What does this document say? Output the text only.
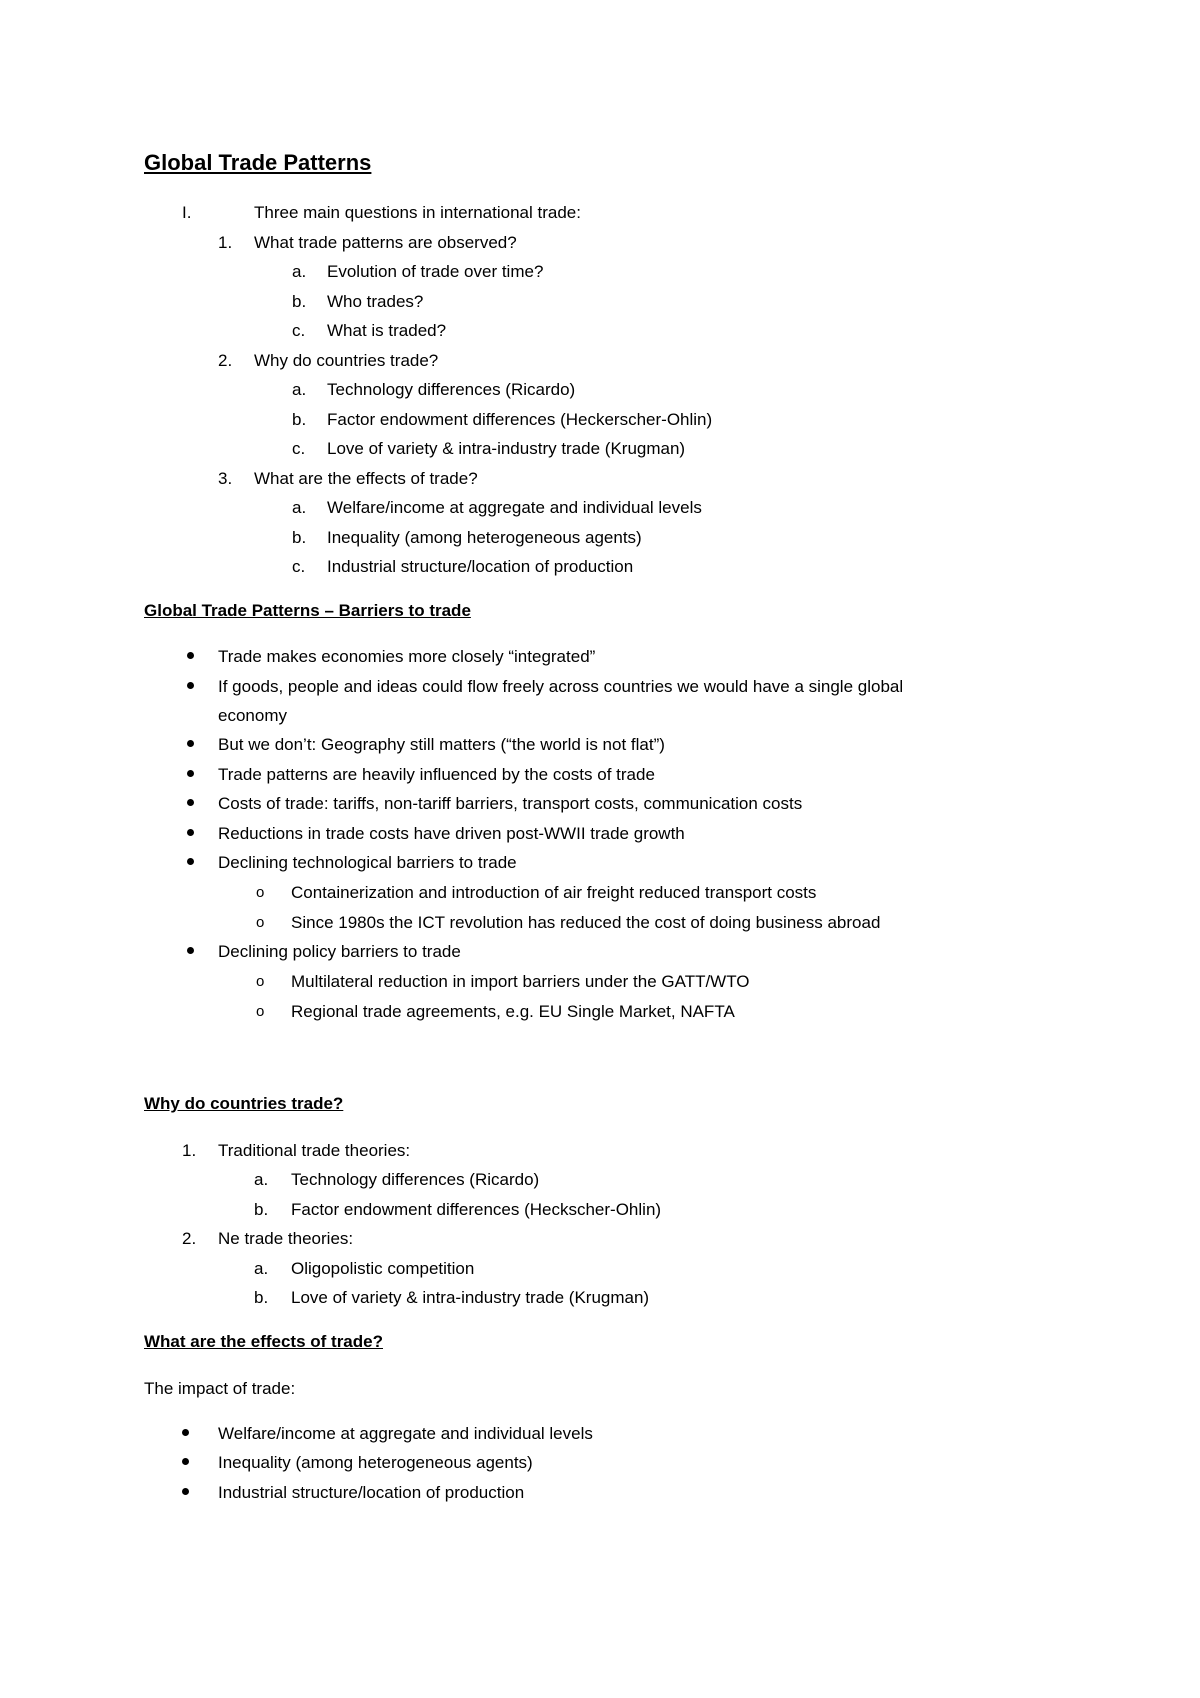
Global Trade Patterns
I.	Three main questions in international trade:
1. What trade patterns are observed?
a. Evolution of trade over time?
b. Who trades?
c. What is traded?
2. Why do countries trade?
a. Technology differences (Ricardo)
b. Factor endowment differences (Heckerscher-Ohlin)
c. Love of variety & intra-industry trade (Krugman)
3. What are the effects of trade?
a. Welfare/income at aggregate and individual levels
b. Inequality (among heterogeneous agents)
c. Industrial structure/location of production
Global Trade Patterns – Barriers to trade
Trade makes economies more closely “integrated”
If goods, people and ideas could flow freely across countries we would have a single global
economy
But we don’t: Geography still matters (“the world is not flat”)
Trade patterns are heavily influenced by the costs of trade
Costs of trade: tariffs, non-tariff barriers, transport costs, communication costs
Reductions in trade costs have driven post-WWII trade growth
Declining technological barriers to trade
o Containerization and introduction of air freight reduced transport costs
o Since 1980s the ICT revolution has reduced the cost of doing business abroad
Declining policy barriers to trade
o Multilateral reduction in import barriers under the GATT/WTO
o Regional trade agreements, e.g. EU Single Market, NAFTA
Why do countries trade?
1. Traditional trade theories:
a. Technology differences (Ricardo)
b. Factor endowment differences (Heckscher-Ohlin)
2. Ne trade theories:
a. Oligopolistic competition
b. Love of variety & intra-industry trade (Krugman)
What are the effects of trade?
The impact of trade:
Welfare/income at aggregate and individual levels
Inequality (among heterogeneous agents)
Industrial structure/location of production
